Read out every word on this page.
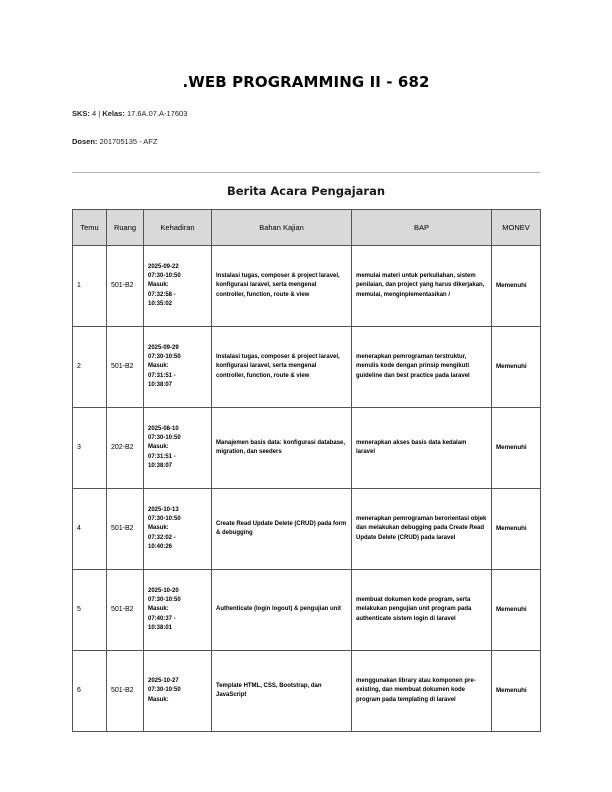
.WEB PROGRAMMING II - 682
SKS: 4 | Kelas: 17.6A.07.A-17603
Dosen: 201705135 - AFZ
Berita Acara Pengajaran
Temu	Ruang	Kehadiran	Bahan Kajian	BAP	MONEV
1	501-B2	2025-09-22
07:30-10:50
Masuk:
07:32:58 -
10:35:02	Instalasi tugas, composer & project laravel, konfigurasi laravel, serta mengenal controller, function, route & view	memulai materi untuk perkuliahan, sistem penilaian, dan project yang harus dikerjakan, memulai, menginplementasikan /	Memenuhi
2	501-B2	2025-09-29
07:30-10:50
Masuk:
07:31:51 -
10:38:07	Instalasi tugas, composer & project laravel, konfigurasi laravel, serta mengenal controller, function, route & view	menerapkan pemrograman terstruktur, menulis kode dengan prinsip mengikuti guideline dan best practice pada laravel	Memenuhi
3	202-B2	2025-08-10
07:30-10:50
Masuk:
07:31:51 -
10:38:07	Manajemen basis data: konfigurasi database, migration, dan seeders	menerapkan akses basis data kedalam laravel	Memenuhi
4	501-B2	2025-10-13
07:30-10:50
Masuk:
07:32:02 -
10:40:26	Create Read Update Delete (CRUD) pada form & debugging	menerapkan pemrograman berorientasi objek dan melakukan debugging pada Create Read Update Delete (CRUD) pada laravel	Memenuhi
5	501-B2	2025-10-20
07:30-10:50
Masuk:
07:40:37 -
10:38:01	Authenticate (login logout) & pengujian unit	membuat dokumen kode program, serta melakukan pengujian unit program pada authenticate sistem login di laravel	Memenuhi
6	501-B2	2025-10-27
07:30-10:50
Masuk:	Template HTML, CSS, Bootstrap, dan JavaScript	menggunakan library atau komponen pre-existing, dan membuat dokumen kode program pada templating di laravel	Memenuhi
